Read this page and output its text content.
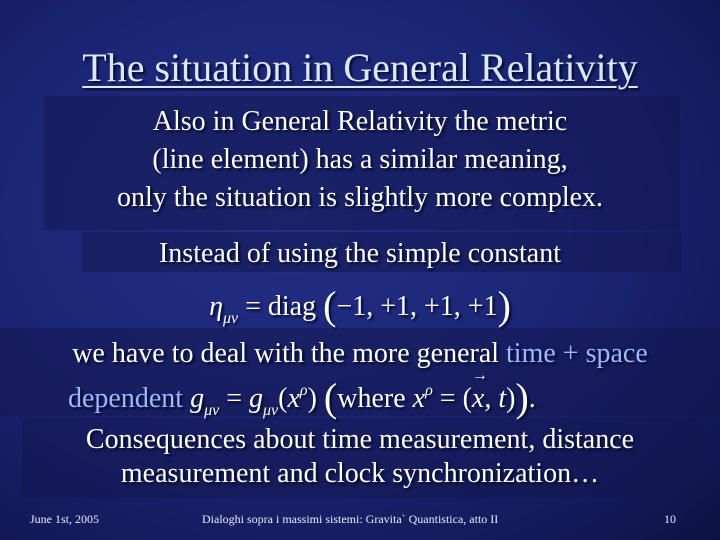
The situation in General Relativity
Also in General Relativity the metric
(line element) has a similar meaning,
only the situation is slightly more complex.
Instead of using the simple constant
$\eta_{\mu\nu}$ = diag (−1, +1, +1, +1)
we have to deal with the more general time + space
dependent $g_{\mu\nu} = g_{\mu\nu}(x^\rho)$ (where $x^\rho$ = (→ x, t)).
Consequences about time measurement, distance
measurement and clock synchronization…
June 1st, 2005	Dialoghi sopra i massimi sistemi: Gravita` Quantistica, atto II	10
